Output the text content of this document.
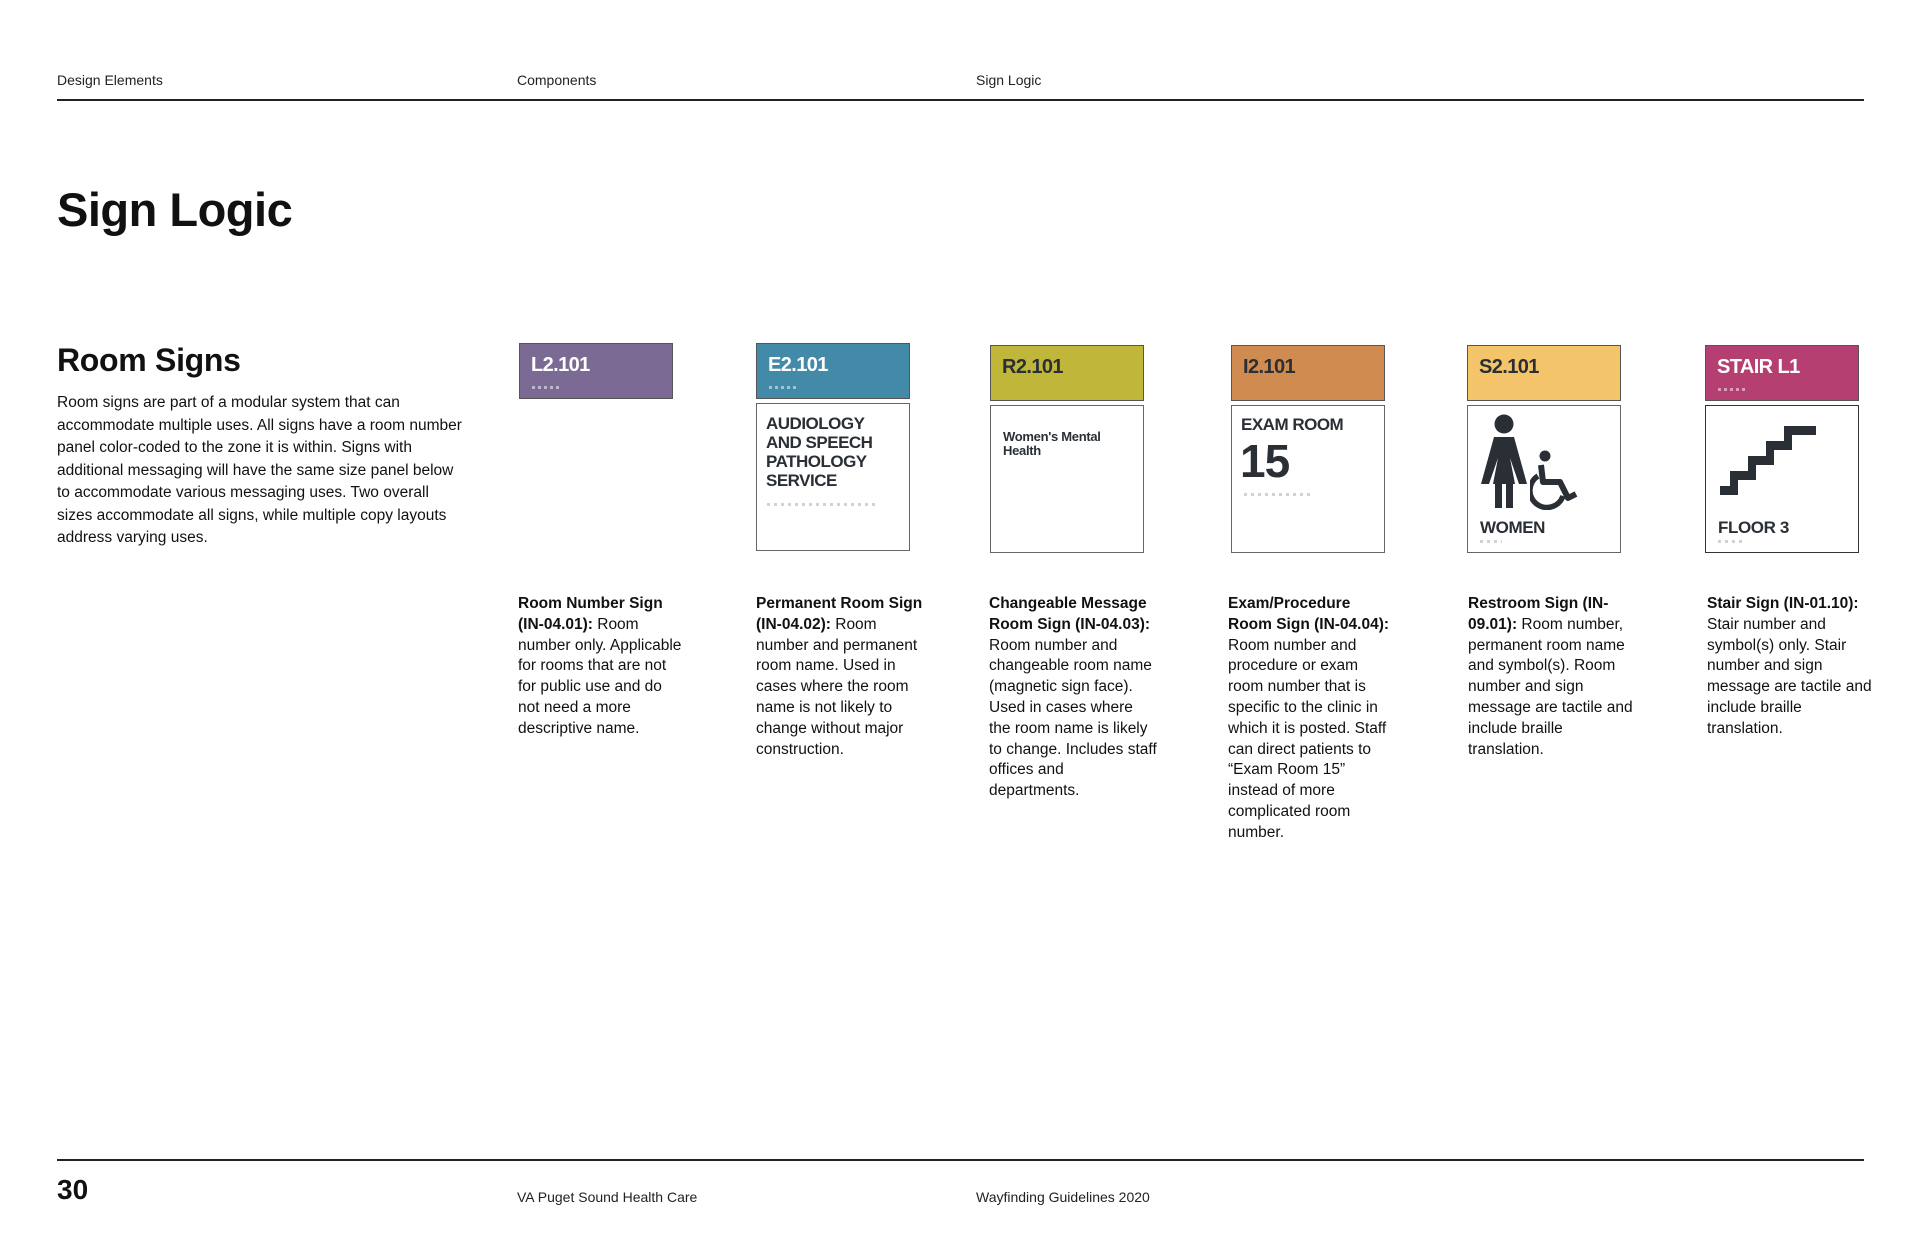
Design Elements	Components	Sign Logic
Sign Logic
Room Signs

Room signs are part of a modular system that can accommodate multiple uses. All signs have a room number panel color-coded to the zone it is within. Signs with additional messaging will have the same size panel below to accommodate various messaging uses. Two overall sizes accommodate all signs, while multiple copy layouts address varying uses.

L2.101	E2.101
AUDIOLOGY AND SPEECH PATHOLOGY SERVICE
R2.101
Women's Mental Health
I2.101
EXAM ROOM
15
S2.101
WOMEN
STAIR L1
FLOOR 3

Room Number Sign (IN-04.01): Room number only. Applicable for rooms that are not for public use and do not need a more descriptive name.

Permanent Room Sign (IN-04.02): Room number and permanent room name. Used in cases where the room name is not likely to change without major construction.

Changeable Message Room Sign (IN-04.03): Room number and changeable room name (magnetic sign face). Used in cases where the room name is likely to change. Includes staff offices and departments.

Exam/Procedure Room Sign (IN-04.04): Room number and procedure or exam room number that is specific to the clinic in which it is posted. Staff can direct patients to “Exam Room 15” instead of more complicated room number.

Restroom Sign (IN-09.01): Room number, permanent room name and symbol(s). Room number and sign message are tactile and include braille translation.

Stair Sign (IN-01.10): Stair number and symbol(s) only. Stair number and sign message are tactile and include braille translation.

30	VA Puget Sound Health Care	Wayfinding Guidelines 2020
